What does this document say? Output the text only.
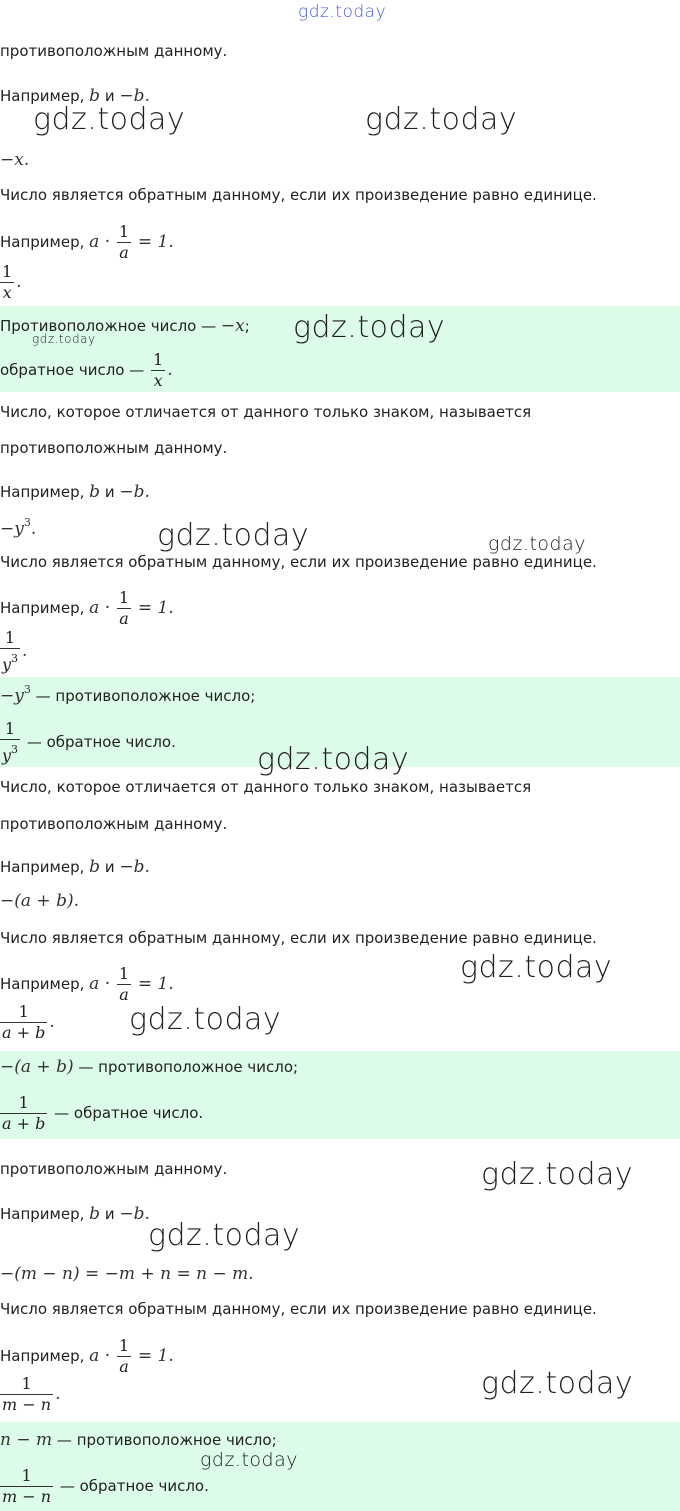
gdz.today
противоположным данному.
Например, b и −b.
−x.
Число является обратным данному, если их произведение равно единице.
Например, $a \cdot \frac{1}{a} = 1$.
$\frac{1}{x}$ .
Противоположное число — −x;
обратное число — $\frac{1}{x}$ .
Число, которое отличается от данного только знаком, называется
противоположным данному.
Например, b и −b.
$-y^3$.
Число является обратным данному, если их произведение равно единице.
Например, $a \cdot \frac{1}{a} = 1$.
$\frac{1}{y^3}$ .
$-y^3$ — противоположное число;
$\frac{1}{y^3}$ — обратное число.
Число, которое отличается от данного только знаком, называется
противоположным данному.
Например, b и −b.
−(a + b).
Число является обратным данному, если их произведение равно единице.
Например, $a \cdot \frac{1}{a} = 1$.
$\frac{1}{a + b}$ .
−(a + b) — противоположное число;
$\frac{1}{a + b}$ — обратное число.
противоположным данному.
Например, b и −b.
−(m − n) = −m + n = n − m.
Число является обратным данному, если их произведение равно единице.
Например, $a \cdot \frac{1}{a} = 1$.
$\frac{1}{m - n}$ .
n − m — противоположное число;
$\frac{1}{m - n}$ — обратное число.
gdz.today	gdz.today
gdz.today
gdz.today
gdz.today	gdz.today
gdz.today
gdz.today
gdz.today
gdz.today
gdz.today
gdz.today
gdz.today
